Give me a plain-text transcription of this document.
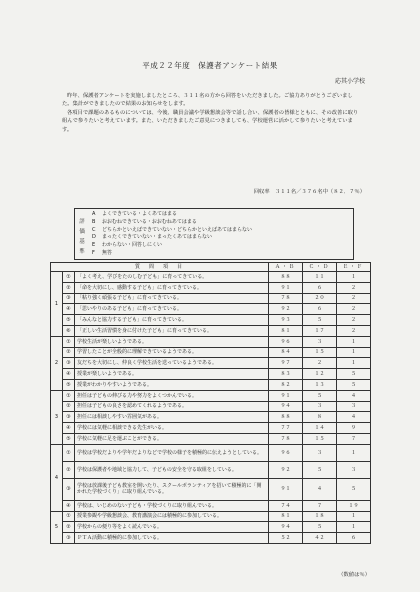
平成２２年度　保護者アンケート結果
応其小学校

昨年、保護者アンケートを実施しましたところ、３１１名の方から回答をいただきました。ご協力ありがとうございました。集計ができましたので結果のお知らせをします。

各項目で課題のあるものについては、今後、職員会議や学級懇談会等で話し合い、保護者の皆様とともに、その改善に取り組んで参りたいと考えています。また、いただきましたご意見につきましても、学校運営に活かして参りたいと考えています。

回収率　３１１名／３７６名中（８２．７％）
評
価
基
準
A よくできている・よくあてはまる
B おおむねできている・おおむねあてはまる
C どちらかといえばできていない・どちらかといえばあてはまらない
D まったくできていない・まったくあてはまらない
E わからない・回答しにくい
F 無答
質　問　項　目			Ａ・Ｂ	Ｃ・Ｄ	Ｅ・Ｆ
1	①	「よく考え、学びをたのしむ子ども」に育ってきている。	８８	１１	１
	②	「命を大切にし、感動する子ども」に育ってきている。	９１	６	２
	③	「粘り強く頑張る子ども」に育ってきている。	７８	２０	２
	④	「思いやりのある子ども」に育ってきている。	９２	６	２
	⑤	「みんなと協力する子ども」に育ってきている。	９３	５	２
	⑥	「正しい生活習慣を身に付けた子ども」に育ってきている。	８１	１７	２
2	①	学校生活が楽しいようである。	９６	３	１
	②	学習したことが全般的に理解できているようである。	８４	１５	１
	③	友だちを大切にし、仲良く学校生活を送っているようである。	９７	２	１
	④	授業が楽しいようである。	８３	１２	５
	⑤	授業がわかりやすいようである。	８２	１３	５
3	①	担任は子どもの伸びる力や努力をよくつかんでいる。	９１	５	４
	②	担任は子どもの良さを認めてくれるようである。	９４	３	３
	③	担任には相談しやすい雰囲気がある。	８８	８	４
	④	学校には気軽に相談できる先生がいる。	７７	１４	９
	⑤	学校に気軽に足を運ぶことができる。	７８	１５	７
4	①	学校は学校だよりや学年だよりなどで学校の様子を積極的に伝えようとしている。	９６	３	１
	②	学校は保護者や地域と協力して、子どもの安全を守る取組をしている。	９２	５	３
	③	学校は放課後子ども教室を開いたり、スクールボランティアを招いて積極的に「開かれた学校づくり」に取り組んでいる。	９１	４	５
	④	学校は、いじめのない子ども・学校づくりに取り組んでいる。	７４	７	１９
5	①	授業参観や学級懇談会、教育講演会には積極的に参加している。	８１	１８	１
	②	学校からの便り等をよく読んでいる。	９４	５	１
	③	ＰＴＡ活動に積極的に参加している。	５２	４２	６
（数値は％）
